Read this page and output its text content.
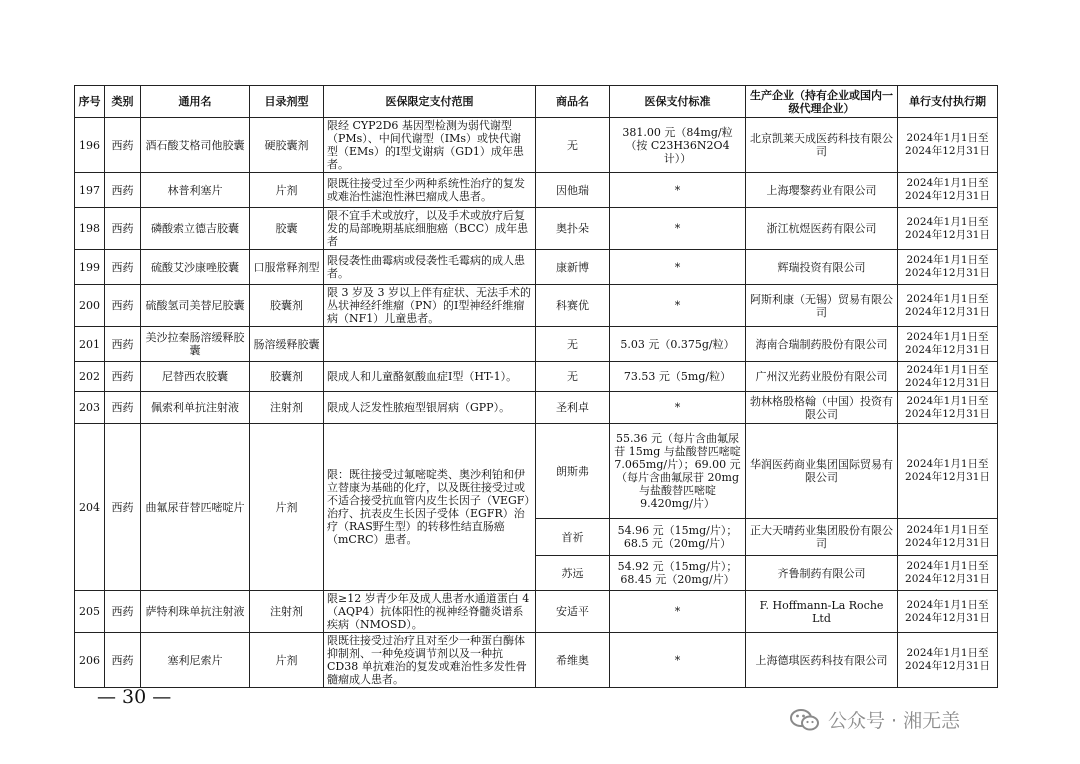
序号	类别	通用名	目录剂型	医保限定支付范围	商品名	医保支付标准	生产企业（持有企业或国内一级代理企业）	单行支付执行期
196	西药	酒石酸艾格司他胶囊	硬胶囊剂	限经 CYP2D6 基因型检测为弱代谢型（PMs）、中间代谢型（IMs）或快代谢型（EMs）的Ⅰ型戈谢病（GD1）成年患者。	无	381.00 元（84mg/粒（按 C23H36N2O4 计））	北京凯莱天成医药科技有限公司	2024年1月1日至 2024年12月31日
197	西药	林普利塞片	片剂	限既往接受过至少两种系统性治疗的复发或难治性滤泡性淋巴瘤成人患者。	因他瑞	*	上海璎黎药业有限公司	2024年1月1日至 2024年12月31日
198	西药	磷酸索立德吉胶囊	胶囊	限不宜手术或放疗，以及手术或放疗后复发的局部晚期基底细胞癌（BCC）成年患者	奥扑朵	*	浙江杭煜医药有限公司	2024年1月1日至 2024年12月31日
199	西药	硫酸艾沙康唑胶囊	口服常释剂型	限侵袭性曲霉病或侵袭性毛霉病的成人患者。	康新博	*	辉瑞投资有限公司	2024年1月1日至 2024年12月31日
200	西药	硫酸氢司美替尼胶囊	胶囊剂	限 3 岁及 3 岁以上伴有症状、无法手术的丛状神经纤维瘤（PN）的Ⅰ型神经纤维瘤病（NF1）儿童患者。	科赛优	*	阿斯利康（无锡）贸易有限公司	2024年1月1日至 2024年12月31日
201	西药	美沙拉秦肠溶缓释胶囊	肠溶缓释胶囊		无	5.03 元（0.375g/粒）	海南合瑞制药股份有限公司	2024年1月1日至 2024年12月31日
202	西药	尼替西农胶囊	胶囊剂	限成人和儿童酪氨酸血症Ⅰ型（HT-1）。	无	73.53 元（5mg/粒）	广州汉光药业股份有限公司	2024年1月1日至 2024年12月31日
203	西药	佩索利单抗注射液	注射剂	限成人泛发性脓疱型银屑病（GPP）。	圣利卓	*	勃林格殷格翰（中国）投资有限公司	2024年1月1日至 2024年12月31日
204	西药	曲氟尿苷替匹嘧啶片	片剂	限：既往接受过氟嘧啶类、奥沙利铂和伊立替康为基础的化疗，以及既往接受过或不适合接受抗血管内皮生长因子（VEGF）治疗、抗表皮生长因子受体（EGFR）治疗（RAS野生型）的转移性结直肠癌（mCRC）患者。	朗斯弗	55.36 元（每片含曲氟尿苷 15mg 与盐酸替匹嘧啶 7.065mg/片）；69.00 元（每片含曲氟尿苷 20mg 与盐酸替匹嘧啶 9.420mg/片）	华润医药商业集团国际贸易有限公司	2024年1月1日至 2024年12月31日
					首祈	54.96 元（15mg/片）；68.5 元（20mg/片）	正大天晴药业集团股份有限公司	2024年1月1日至 2024年12月31日
					苏远	54.92 元（15mg/片）；68.45 元（20mg/片）	齐鲁制药有限公司	2024年1月1日至 2024年12月31日
205	西药	萨特利珠单抗注射液	注射剂	限≥12 岁青少年及成人患者水通道蛋白 4（AQP4）抗体阳性的视神经脊髓炎谱系疾病（NMOSD）。	安适平	*	F. Hoffmann-La Roche Ltd	2024年1月1日至 2024年12月31日
206	西药	塞利尼索片	片剂	限既往接受过治疗且对至少一种蛋白酶体抑制剂、一种免疫调节剂以及一种抗 CD38 单抗难治的复发或难治性多发性骨髓瘤成人患者。	希维奥	*	上海德琪医药科技有限公司	2024年1月1日至 2024年12月31日
— 30 —
公众号 · 湘无恙
